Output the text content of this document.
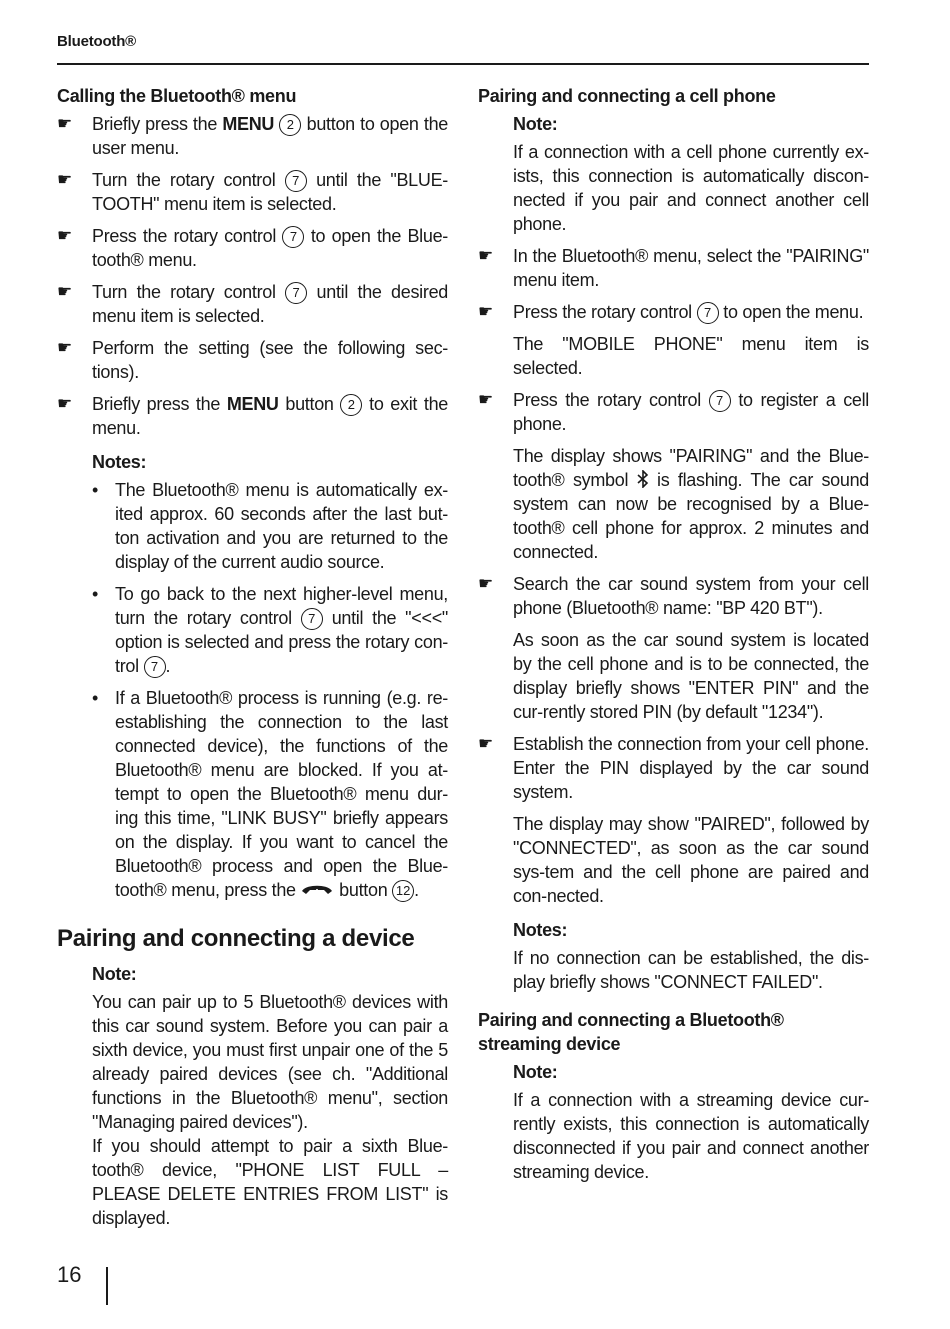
Bluetooth®
Calling the Bluetooth® menu
☛ Briefly press the MENU 2 button to open the user menu.
☛ Turn the rotary control 7 until the "BLUE-TOOTH" menu item is selected.
☛ Press the rotary control 7 to open the Blue-tooth® menu.
☛ Turn the rotary control 7 until the desired menu item is selected.
☛ Perform the setting (see the following sec-tions).
☛ Briefly press the MENU button 2 to exit the menu.
Notes:
• The Bluetooth® menu is automatically ex-ited approx. 60 seconds after the last but-ton activation and you are returned to the display of the current audio source.
• To go back to the next higher-level menu, turn the rotary control 7 until the "<<<" option is selected and press the rotary con-trol 7 .
• If a Bluetooth® process is running (e.g. re-establishing the connection to the last connected device), the functions of the Bluetooth® menu are blocked. If you at-tempt to open the Bluetooth® menu dur-ing this time, "LINK BUSY" briefly appears on the display. If you want to cancel the Bluetooth® process and open the Blue-tooth® menu, press the  button 12 .
Pairing and connecting a device
Note:
You can pair up to 5 Bluetooth® devices with this car sound system. Before you can pair a sixth device, you must first unpair one of the 5 already paired devices (see ch. "Additional functions in the Bluetooth® menu", section "Managing paired devices").
If you should attempt to pair a sixth Blue-tooth® device, "PHONE LIST FULL – PLEASE DELETE ENTRIES FROM LIST" is displayed.
Pairing and connecting a cell phone
Note:
If a connection with a cell phone currently ex-ists, this connection is automatically discon-nected if you pair and connect another cell phone.
☛ In the Bluetooth® menu, select the "PAIRING" menu item.
☛ Press the rotary control 7 to open the menu.
The "MOBILE PHONE" menu item is selected.
☛ Press the rotary control 7 to register a cell phone.
The display shows "PAIRING" and the Blue-tooth® symbol  is flashing. The car sound system can now be recognised by a Blue-tooth® cell phone for approx. 2 minutes and connected.
☛ Search the car sound system from your cell phone (Bluetooth® name: "BP 420 BT").
As soon as the car sound system is located by the cell phone and is to be connected, the display briefly shows "ENTER PIN" and the cur-rently stored PIN (by default "1234").
☛ Establish the connection from your cell phone. Enter the PIN displayed by the car sound system.
The display may show "PAIRED", followed by "CONNECTED", as soon as the car sound sys-tem and the cell phone are paired and con-nected.
Notes:
If no connection can be established, the dis-play briefly shows "CONNECT FAILED".
Pairing and connecting a Bluetooth® streaming device
Note:
If a connection with a streaming device cur-rently exists, this connection is automatically disconnected if you pair and connect another streaming device.
16
